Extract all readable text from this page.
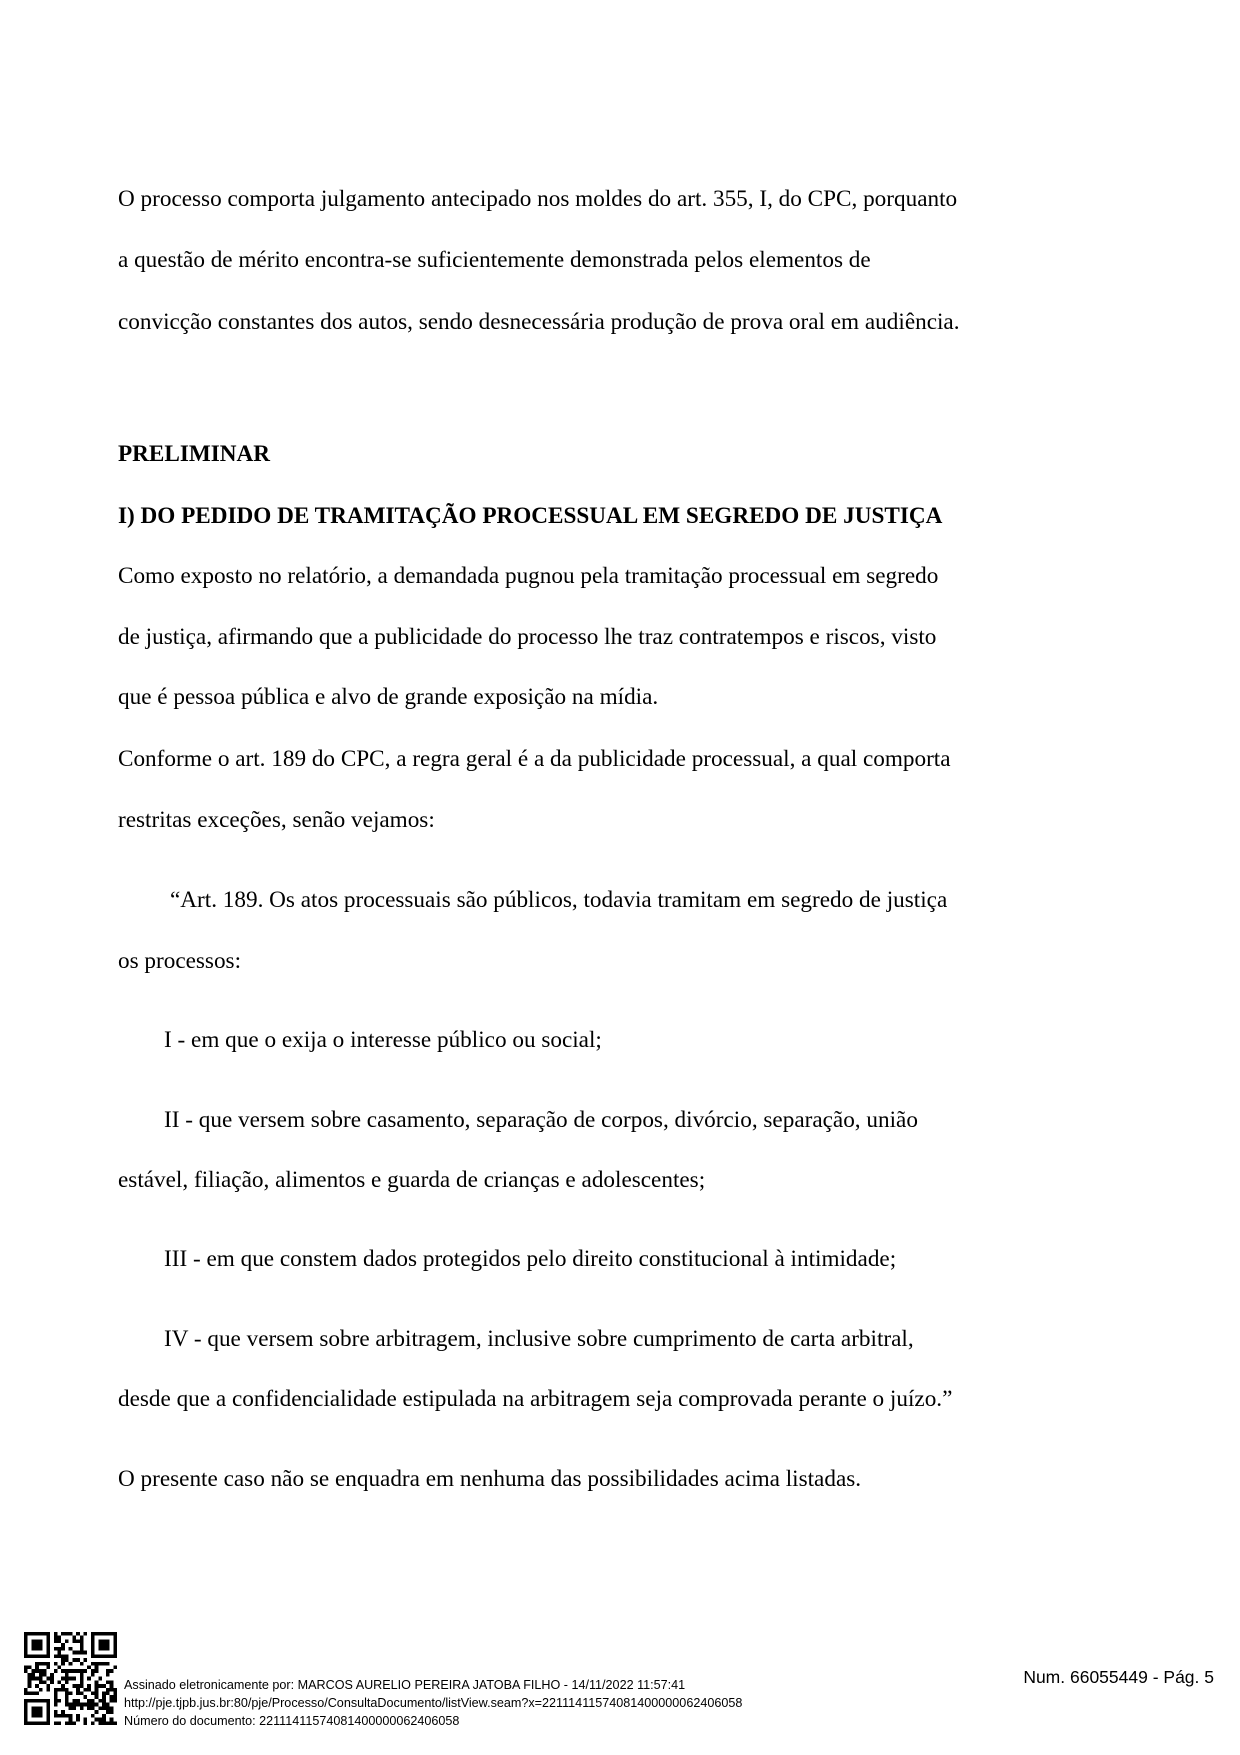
O processo comporta julgamento antecipado nos moldes do art. 355, I, do CPC, porquanto
a questão de mérito encontra-se suficientemente demonstrada pelos elementos de
convicção constantes dos autos, sendo desnecessária produção de prova oral em audiência.
PRELIMINAR
I) DO PEDIDO DE TRAMITAÇÃO PROCESSUAL EM SEGREDO DE JUSTIÇA
Como exposto no relatório, a demandada pugnou pela tramitação processual em segredo
de justiça, afirmando que a publicidade do processo lhe traz contratempos e riscos, visto
que é pessoa pública e alvo de grande exposição na mídia.
Conforme o art. 189 do CPC, a regra geral é a da publicidade processual, a qual comporta
restritas exceções, senão vejamos:
“Art. 189. Os atos processuais são públicos, todavia tramitam em segredo de justiça
os processos:
I - em que o exija o interesse público ou social;
II - que versem sobre casamento, separação de corpos, divórcio, separação, união
estável, filiação, alimentos e guarda de crianças e adolescentes;
III - em que constem dados protegidos pelo direito constitucional à intimidade;
IV - que versem sobre arbitragem, inclusive sobre cumprimento de carta arbitral,
desde que a confidencialidade estipulada na arbitragem seja comprovada perante o juízo.”
O presente caso não se enquadra em nenhuma das possibilidades acima listadas.
Assinado eletronicamente por: MARCOS AURELIO PEREIRA JATOBA FILHO - 14/11/2022 11:57:41
http://pje.tjpb.jus.br:80/pje/Processo/ConsultaDocumento/listView.seam?x=22111411574081400000062406058
Número do documento: 22111411574081400000062406058
Num. 66055449 - Pág. 5
